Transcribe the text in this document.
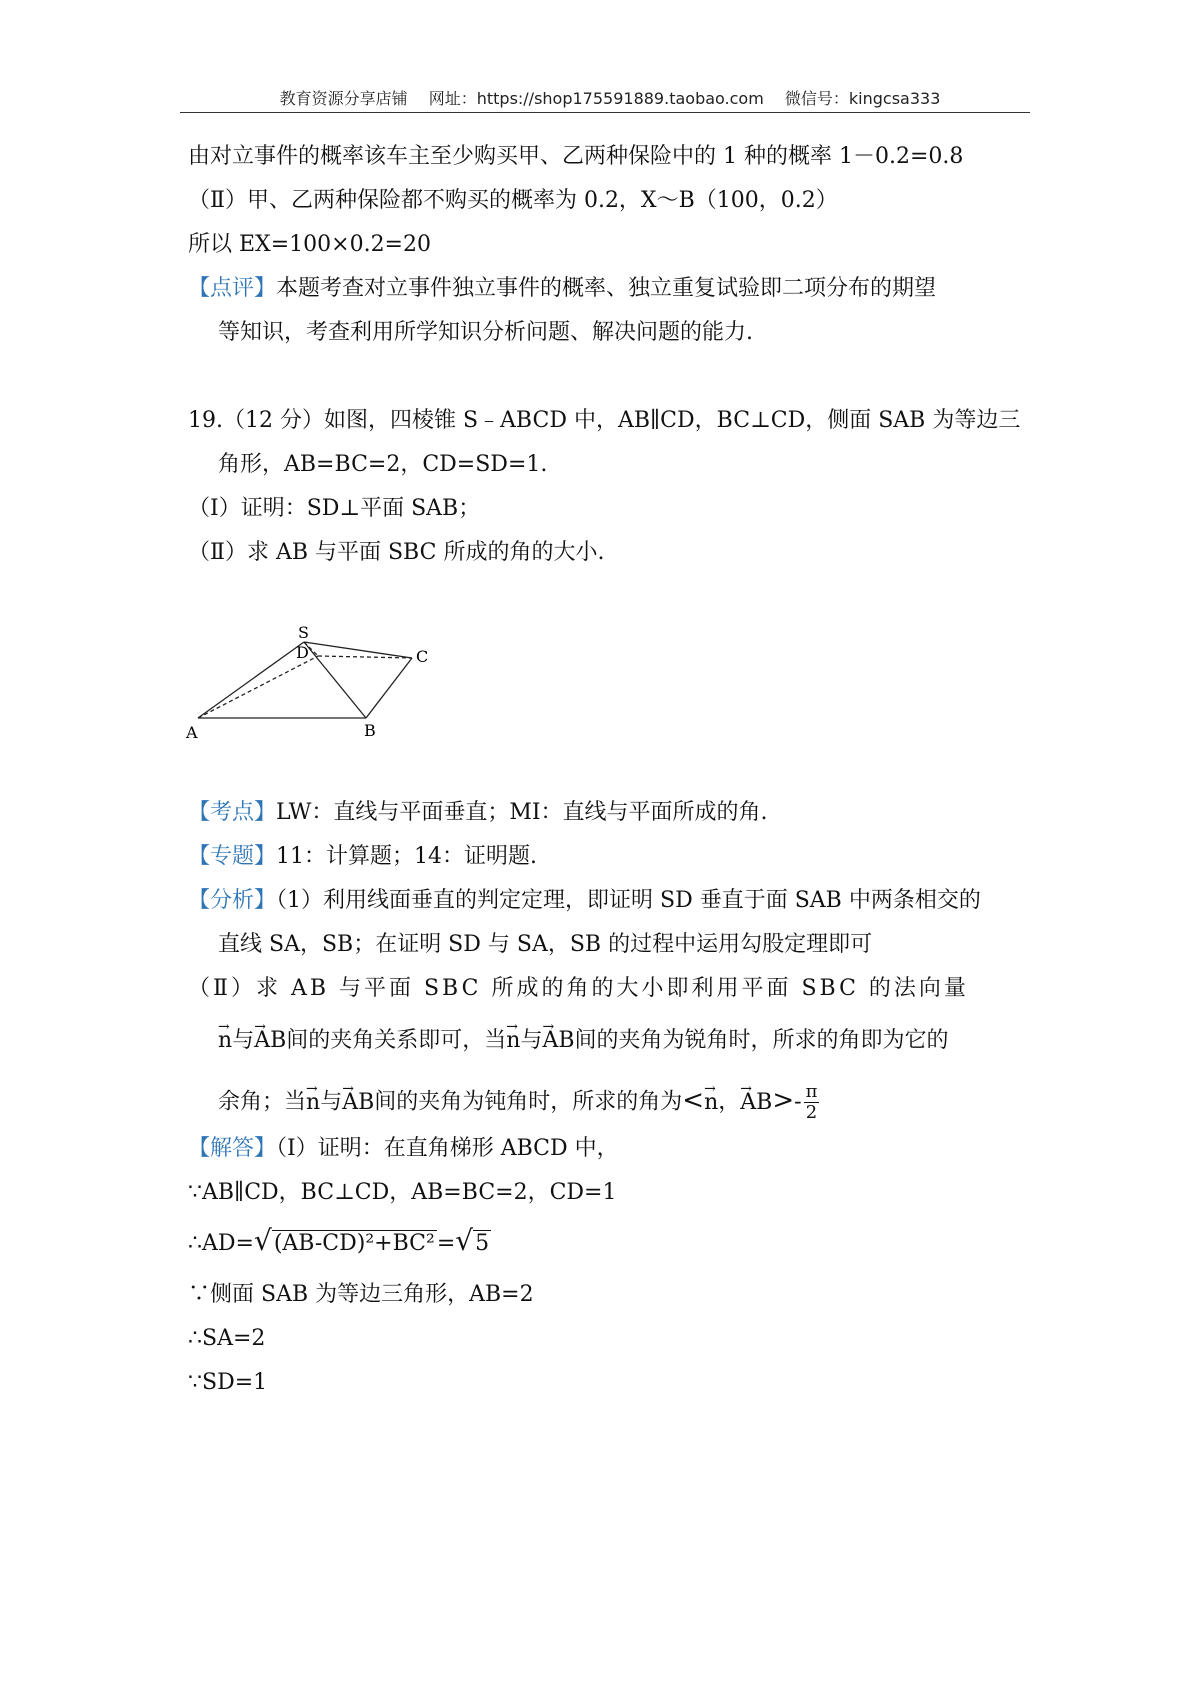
教育资源分享店铺 网址：https://shop175591889.taobao.com 微信号：kingcsa333
由对立事件的概率该车主至少购买甲、乙两种保险中的 1 种的概率 1－0.2=0.8
（Ⅱ）甲、乙两种保险都不购买的概率为 0.2，X～B（100，0.2）
所以 EX=100×0.2=20
【点评】本题考查对立事件独立事件的概率、独立重复试验即二项分布的期望
等知识，考查利用所学知识分析问题、解决问题的能力.
19.（12 分）如图，四棱锥 S﹣ABCD 中，AB∥CD，BC⊥CD，侧面 SAB 为等边三
角形，AB=BC=2，CD=SD=1.
（Ⅰ）证明：SD⊥平面 SAB；
（Ⅱ）求 AB 与平面 SBC 所成的角的大小.
S
D	C
A	B
【考点】LW：直线与平面垂直；MI：直线与平面所成的角.
【专题】11：计算题；14：证明题.
【分析】（1）利用线面垂直的判定定理，即证明 SD 垂直于面 SAB 中两条相交的
直线 SA，SB；在证明 SD 与 SA，SB 的过程中运用勾股定理即可
（Ⅱ）求 AB 与平面 SBC 所成的角的大小即利用平面 SBC 的法向量
→ n与→ AB间的夹角关系即可，当→ n与→ AB间的夹角为锐角时，所求的角即为它的
余角；当→ n与→ AB间的夹角为钝角时，所求的角为<→ n，→ $AB>- \frac{\pi}{2}$
【解答】（Ⅰ）证明：在直角梯形 ABCD 中，
∵AB∥CD，BC⊥CD，AB=BC=2，CD=1
∴AD=√(AB-CD)²+BC²=√5
∵侧面 SAB 为等边三角形，AB=2
∴SA=2
∵SD=1
